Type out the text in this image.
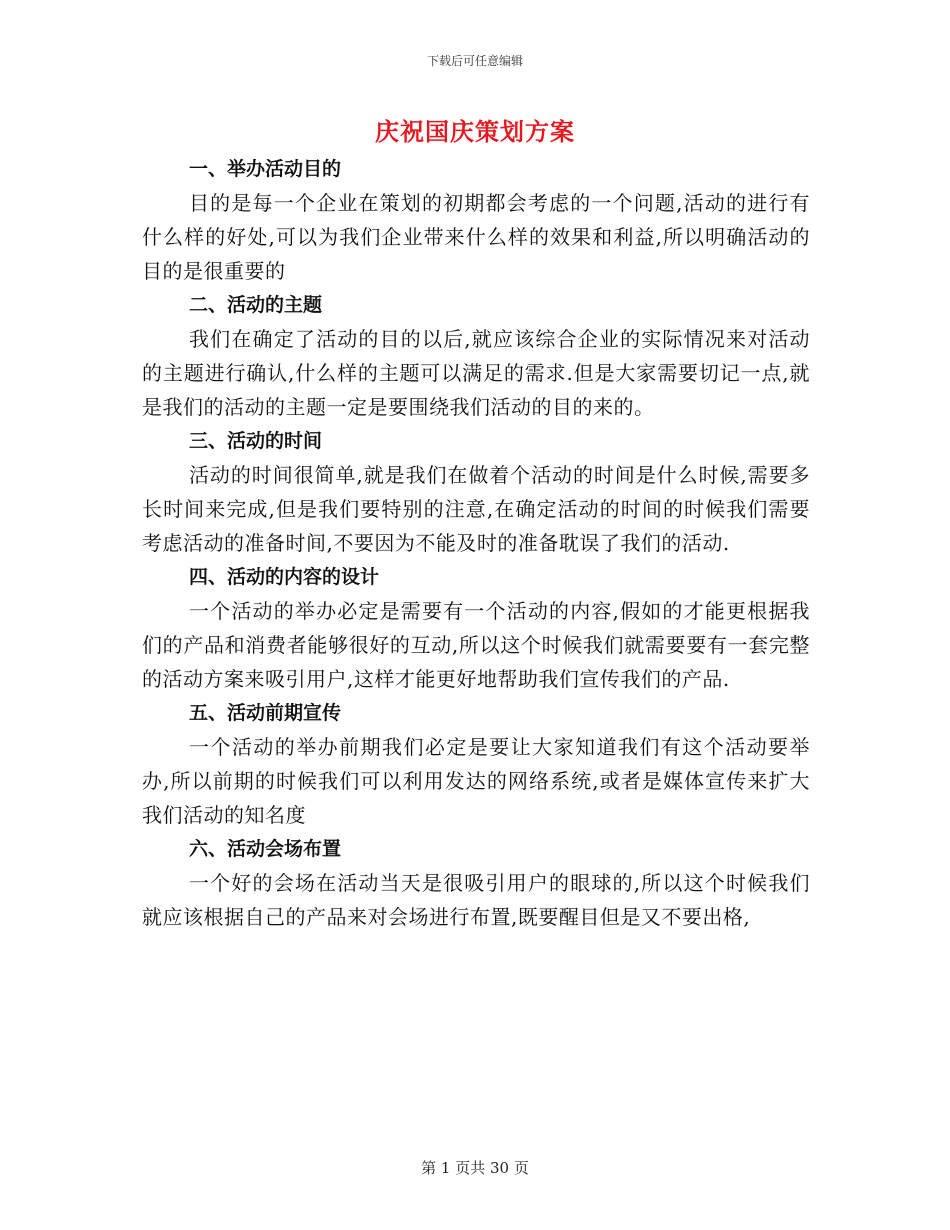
下载后可任意编辑
庆祝国庆策划方案

一、举办活动目的

目的是每一个企业在策划的初期都会考虑的一个问题,活动的进行有什么样的好处,可以为我们企业带来什么样的效果和利益,所以明确活动的目的是很重要的

二、活动的主题

我们在确定了活动的目的以后,就应该综合企业的实际情况来对活动的主题进行确认,什么样的主题可以满足的需求.但是大家需要切记一点,就是我们的活动的主题一定是要围绕我们活动的目的来的。

三、活动的时间

活动的时间很简单,就是我们在做着个活动的时间是什么时候,需要多长时间来完成,但是我们要特别的注意,在确定活动的时间的时候我们需要考虑活动的准备时间,不要因为不能及时的准备耽误了我们的活动.

四、活动的内容的设计

一个活动的举办必定是需要有一个活动的内容,假如的才能更根据我们的产品和消费者能够很好的互动,所以这个时候我们就需要要有一套完整的活动方案来吸引用户,这样才能更好地帮助我们宣传我们的产品.

五、活动前期宣传

一个活动的举办前期我们必定是要让大家知道我们有这个活动要举办,所以前期的时候我们可以利用发达的网络系统,或者是媒体宣传来扩大我们活动的知名度

六、活动会场布置

一个好的会场在活动当天是很吸引用户的眼球的,所以这个时候我们就应该根据自己的产品来对会场进行布置,既要醒目但是又不要出格,

第 1 页共 30 页
